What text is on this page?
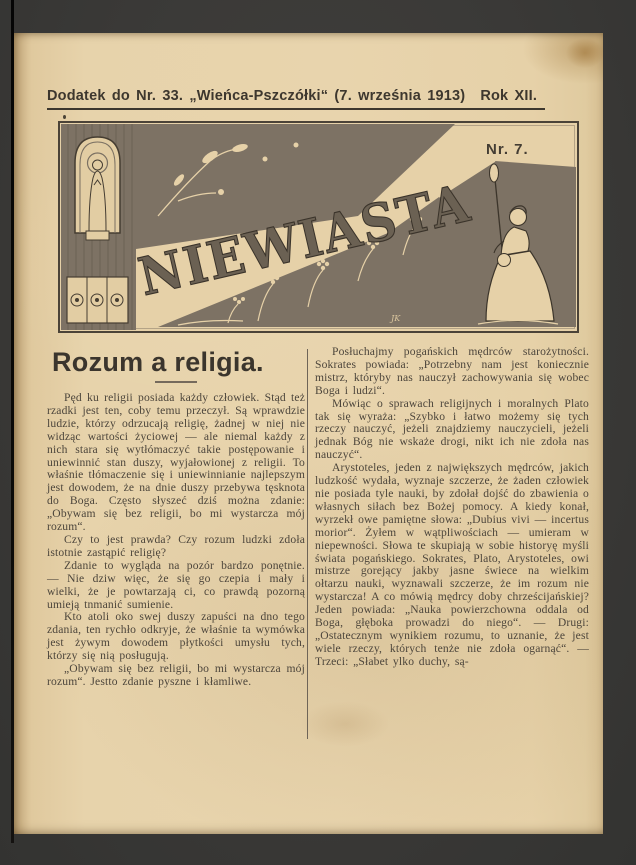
Dodatek do Nr. 33. „Wieńca-Pszczółki“ (7. września 1913) Rok XII.
NIEWIASTA
Nr. 7.
JK
Rozum a religia.

Pęd ku religii posiada każdy człowiek. Stąd też rzadki jest ten, coby temu przeczył. Są wprawdzie ludzie, którzy odrzucają religię, żadnej w niej nie widząc wartości życiowej — ale niemal każdy z nich stara się wytłómaczyć takie postępowanie i uniewinnić stan duszy, wyjałowionej z religii. To właśnie tłómaczenie się i uniewinnianie najlepszym jest dowodem, że na dnie duszy przebywa tęsknota do Boga. Często słyszeć dziś można zdanie: „Obywam się bez religii, bo mi wystarcza mój rozum“.

Czy to jest prawda? Czy rozum ludzki zdoła istotnie zastąpić religię?

Zdanie to wygląda na pozór bardzo ponętnie. — Nie dziw więc, że się go czepia i mały i wielki, że je powtarzają ci, co prawdą pozorną umieją tnmanić sumienie.

Kto atoli oko swej duszy zapuści na dno tego zdania, ten rychło odkryje, że właśnie ta wymówka jest żywym dowodem płytkości umysłu tych, którzy się nią posługują.

„Obywam się bez religii, bo mi wystarcza mój rozum“. Jestto zdanie pyszne i kłamliwe.

Posłuchajmy pogańskich mędrców starożytności. Sokrates powiada: „Potrzebny nam jest koniecznie mistrz, któryby nas nauczył zachowywania się wobec Boga i ludzi“.

Mówiąc o sprawach religijnych i moralnych Plato tak się wyraża: „Szybko i łatwo możemy się tych rzeczy nauczyć, jeżeli znajdziemy nauczycieli, jeżeli jednak Bóg nie wskaże drogi, nikt ich nie zdoła nas nauczyć“.

Arystoteles, jeden z największych mędrców, jakich ludzkość wydała, wyznaje szczerze, że żaden człowiek nie posiada tyle nauki, by zdołał dojść do zbawienia o własnych siłach bez Bożej pomocy. A kiedy konał, wyrzekł owe pamiętne słowa: „Dubius vivi — incertus morior“. Żyłem w wątpliwościach — umieram w niepewności. Słowa te skupiają w sobie historyę myśli świata pogańskiego. Sokrates, Plato, Arystoteles, owi mistrze gorejący jakby jasne świece na wielkim ołtarzu nauki, wyznawali szczerze, że im rozum nie wystarcza! A co mówią mędrcy doby chrześcijańskiej? Jeden powiada: „Nauka powierzchowna oddala od Boga, głęboka prowadzi do niego“. — Drugi: „Ostatecznym wynikiem rozumu, to uznanie, że jest wiele rzeczy, których tenże nie zdoła ogarnąć“. — Trzeci: „Słabet ylko duchy, są-
